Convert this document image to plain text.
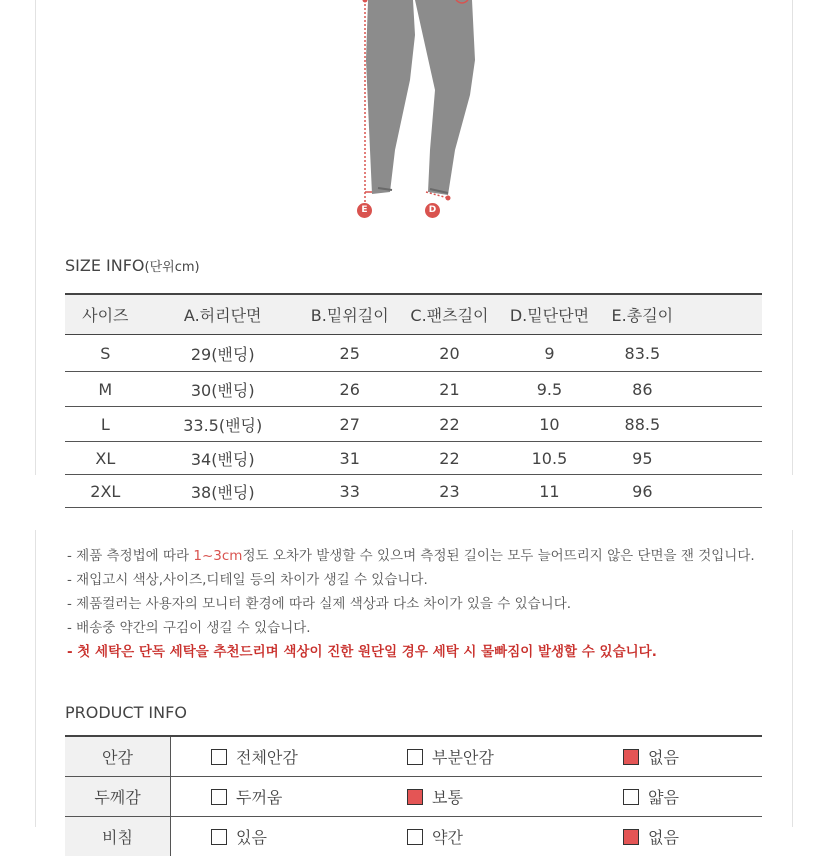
E	D
SIZE INFO(단위cm)
사이즈	A.허리단면	B.밑위길이	C.팬츠길이	D.밑단단면	E.총길이	
S	29(밴딩)	25	20	9	83.5	
M	30(밴딩)	26	21	9.5	86	
L	33.5(밴딩)	27	22	10	88.5	
XL	34(밴딩)	31	22	10.5	95	
2XL	38(밴딩)	33	23	11	96	
- 제품 측정법에 따라 1~3cm정도 오차가 발생할 수 있으며 측정된 길이는 모두 늘어뜨리지 않은 단면을 잰 것입니다.
- 재입고시 색상,사이즈,디테일 등의 차이가 생길 수 있습니다.
- 제품컬러는 사용자의 모니터 환경에 따라 실제 색상과 다소 차이가 있을 수 있습니다.
- 배송중 약간의 구김이 생길 수 있습니다.
- 첫 세탁은 단독 세탁을 추천드리며 색상이 진한 원단일 경우 세탁 시 물빠짐이 발생할 수 있습니다.
PRODUCT INFO
안감	전체안감	부분안감	없음
두께감	두꺼움	보통	얇음
비침	있음	약간	없음
